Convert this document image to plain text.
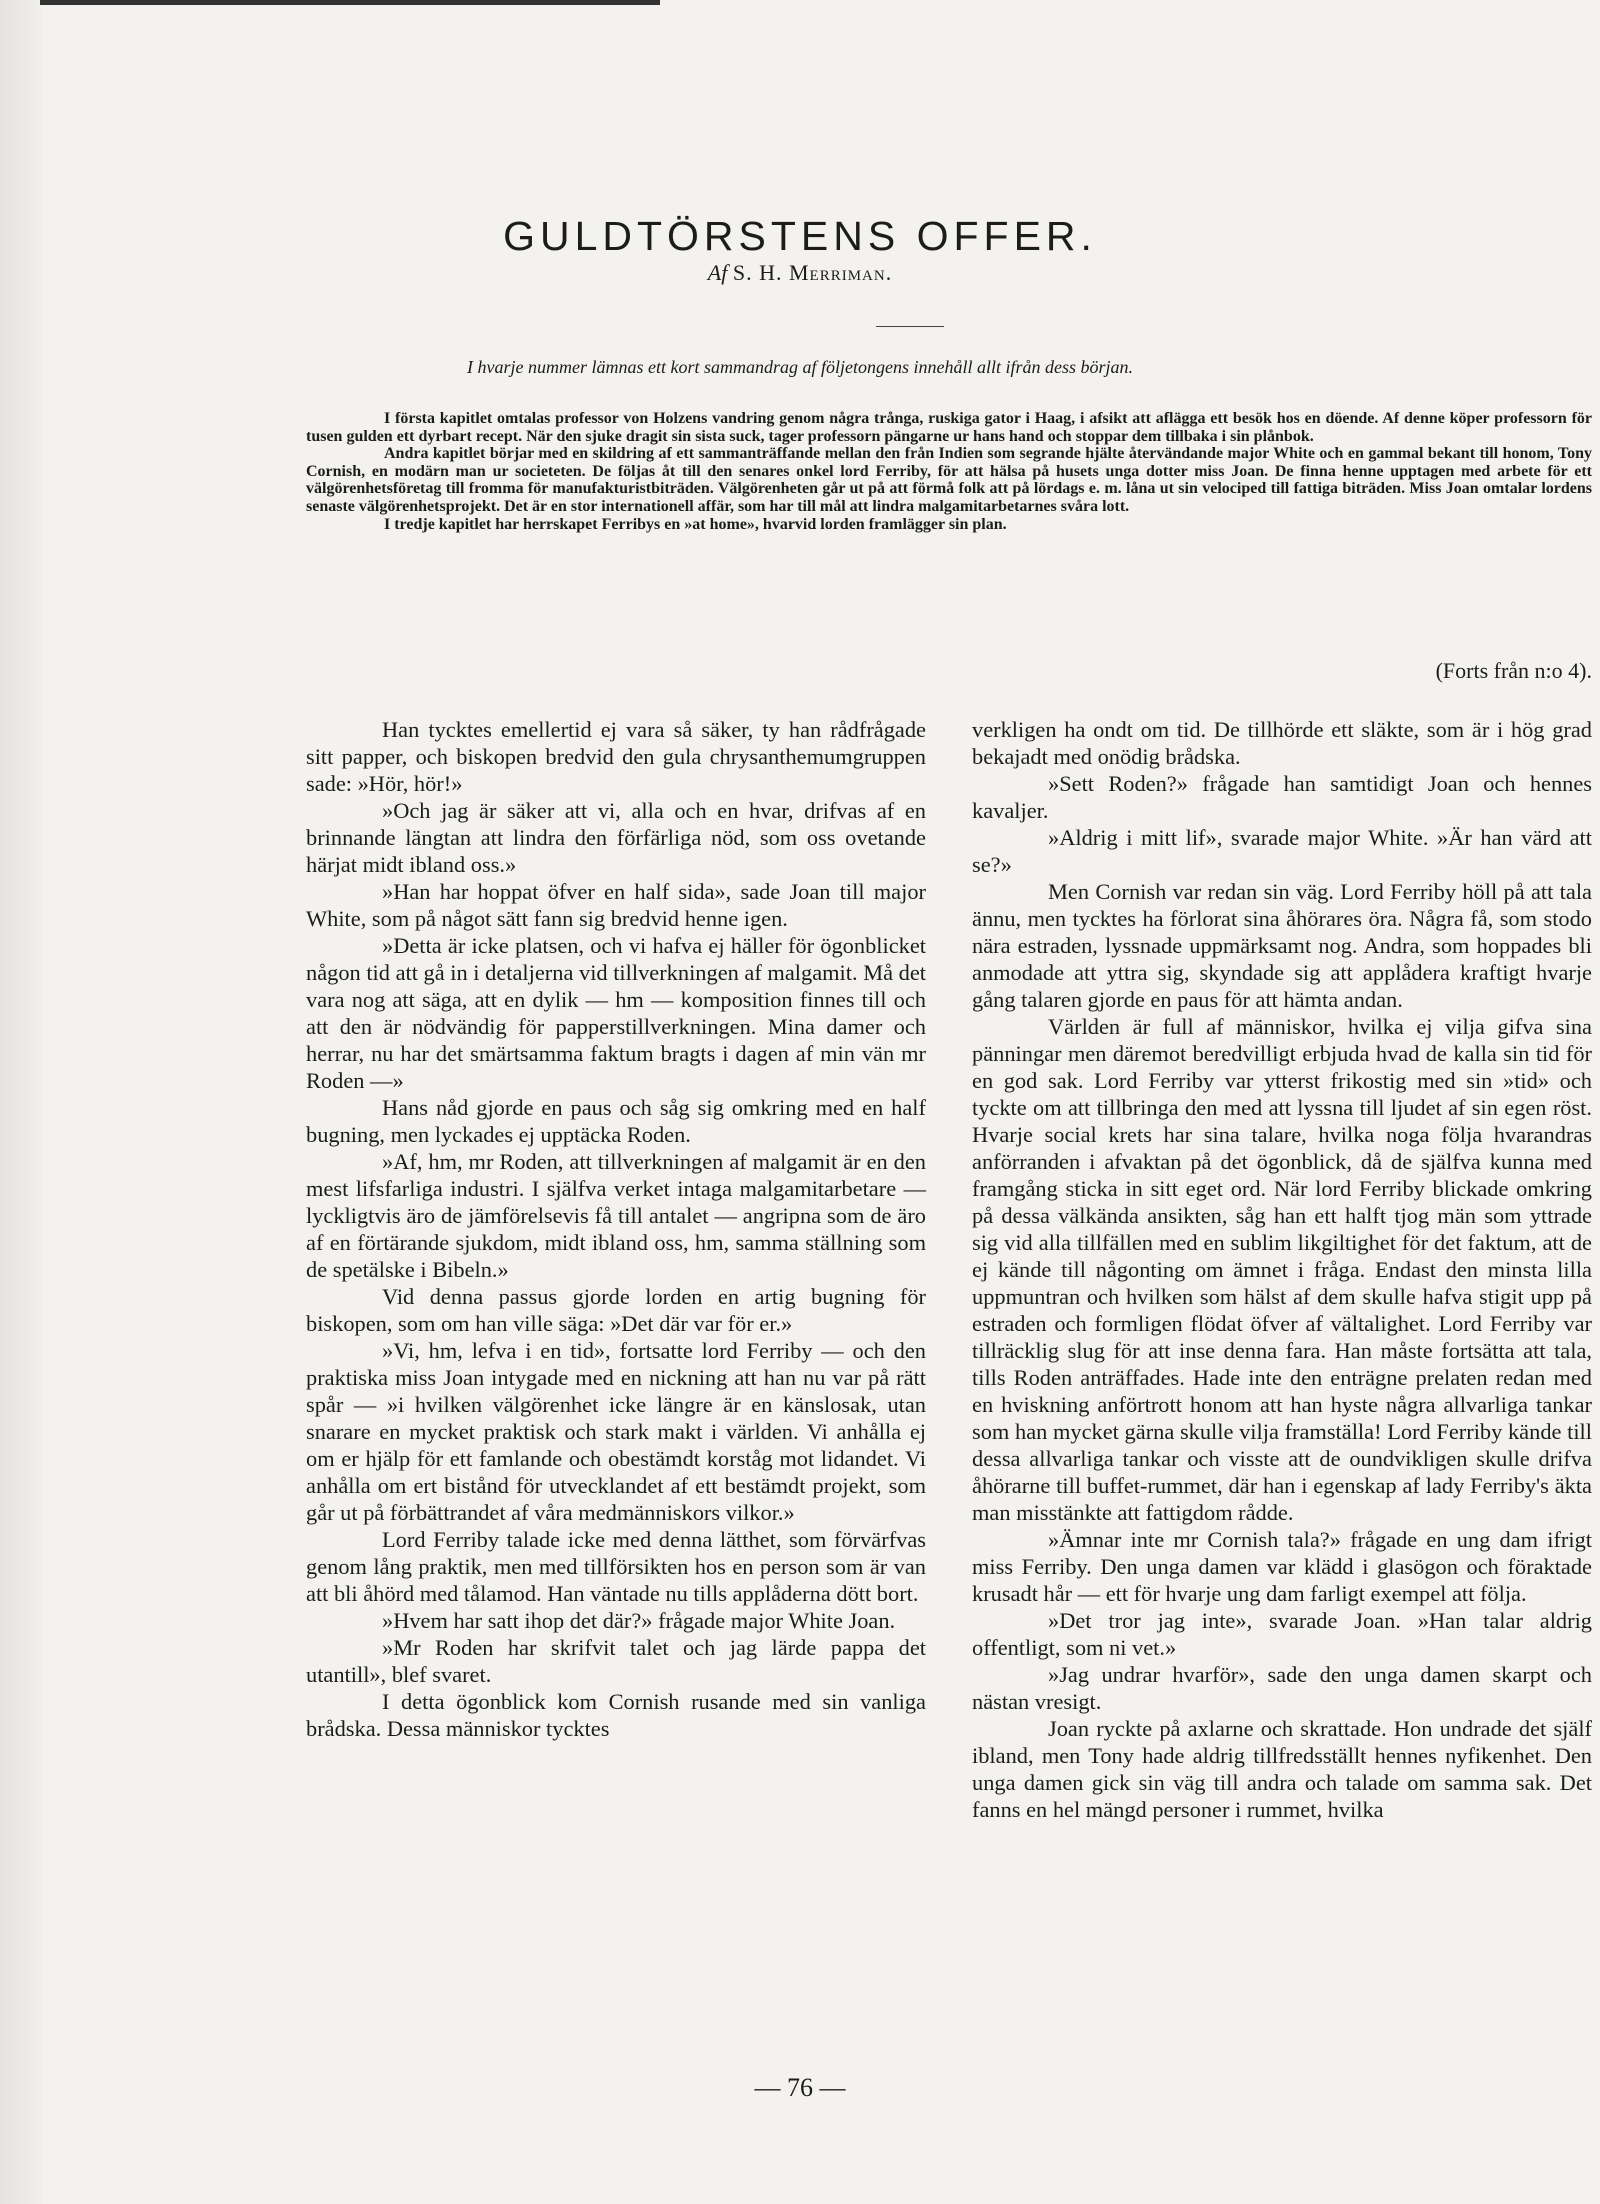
GULDTÖRSTENS OFFER.
Af S. H. Merriman.
I hvarje nummer lämnas ett kort sammandrag af följetongens innehåll allt ifrån dess början.

I första kapitlet omtalas professor von Holzens vandring genom några trånga, ruskiga gator i Haag, i afsikt att aflägga ett besök hos en döende. Af denne köper professorn för tusen gulden ett dyrbart recept. När den sjuke dragit sin sista suck, tager professorn pängarne ur hans hand och stoppar dem tillbaka i sin plånbok.

Andra kapitlet börjar med en skildring af ett sammanträffande mellan den från Indien som segrande hjälte återvändande major White och en gammal bekant till honom, Tony Cornish, en modärn man ur societeten. De följas åt till den senares onkel lord Ferriby, för att hälsa på husets unga dotter miss Joan. De finna henne upptagen med arbete för ett välgörenhetsföretag till fromma för manufakturistbiträden. Välgörenheten går ut på att förmå folk att på lördags e. m. låna ut sin velociped till fattiga biträden. Miss Joan omtalar lordens senaste välgörenhetsprojekt. Det är en stor internationell affär, som har till mål att lindra malgamitarbetarnes svåra lott.

I tredje kapitlet har herrskapet Ferribys en »at home», hvarvid lorden framlägger sin plan.

(Forts från n:o 4).

Han tycktes emellertid ej vara så säker, ty han rådfrågade sitt papper, och biskopen bredvid den gula chrysanthemumgruppen sade: »Hör, hör!»

»Och jag är säker att vi, alla och en hvar, drifvas af en brinnande längtan att lindra den förfärliga nöd, som oss ovetande härjat midt ibland oss.»

»Han har hoppat öfver en half sida», sade Joan till major White, som på något sätt fann sig bredvid henne igen.

»Detta är icke platsen, och vi hafva ej häller för ögonblicket någon tid att gå in i detaljerna vid tillverkningen af malgamit. Må det vara nog att säga, att en dylik — hm — komposition finnes till och att den är nödvändig för papperstillverkningen. Mina damer och herrar, nu har det smärtsamma faktum bragts i dagen af min vän mr Roden —»

Hans nåd gjorde en paus och såg sig omkring med en half bugning, men lyckades ej upptäcka Roden.

»Af, hm, mr Roden, att tillverkningen af malgamit är en den mest lifsfarliga industri. I själfva verket intaga malgamitarbetare — lyckligtvis äro de jämförelsevis få till antalet — angripna som de äro af en förtärande sjukdom, midt ibland oss, hm, samma ställning som de spetälske i Bibeln.»

Vid denna passus gjorde lorden en artig bugning för biskopen, som om han ville säga: »Det där var för er.»

»Vi, hm, lefva i en tid», fortsatte lord Ferriby — och den praktiska miss Joan intygade med en nickning att han nu var på rätt spår — »i hvilken välgörenhet icke längre är en känslosak, utan snarare en mycket praktisk och stark makt i världen. Vi anhålla ej om er hjälp för ett famlande och obestämdt korståg mot lidandet. Vi anhålla om ert bistånd för utvecklandet af ett bestämdt projekt, som går ut på förbättrandet af våra medmänniskors vilkor.»

Lord Ferriby talade icke med denna lätthet, som förvärfvas genom lång praktik, men med tillförsikten hos en person som är van att bli åhörd med tålamod. Han väntade nu tills applåderna dött bort.

»Hvem har satt ihop det där?» frågade major White Joan.

»Mr Roden har skrifvit talet och jag lärde pappa det utantill», blef svaret.

I detta ögonblick kom Cornish rusande med sin vanliga brådska. Dessa människor tycktes

verkligen ha ondt om tid. De tillhörde ett släkte, som är i hög grad bekajadt med onödig brådska.

»Sett Roden?» frågade han samtidigt Joan och hennes kavaljer.

»Aldrig i mitt lif», svarade major White. »Är han värd att se?»

Men Cornish var redan sin väg. Lord Ferriby höll på att tala ännu, men tycktes ha förlorat sina åhörares öra. Några få, som stodo nära estraden, lyssnade uppmärksamt nog. Andra, som hoppades bli anmodade att yttra sig, skyndade sig att applådera kraftigt hvarje gång talaren gjorde en paus för att hämta andan.

Världen är full af människor, hvilka ej vilja gifva sina pänningar men däremot beredvilligt erbjuda hvad de kalla sin tid för en god sak. Lord Ferriby var ytterst frikostig med sin »tid» och tyckte om att tillbringa den med att lyssna till ljudet af sin egen röst. Hvarje social krets har sina talare, hvilka noga följa hvarandras anförranden i afvaktan på det ögonblick, då de själfva kunna med framgång sticka in sitt eget ord. När lord Ferriby blickade omkring på dessa välkända ansikten, såg han ett halft tjog män som yttrade sig vid alla tillfällen med en sublim likgiltighet för det faktum, att de ej kände till någonting om ämnet i fråga. Endast den minsta lilla uppmuntran och hvilken som hälst af dem skulle hafva stigit upp på estraden och formligen flödat öfver af vältalighet. Lord Ferriby var tillräcklig slug för att inse denna fara. Han måste fortsätta att tala, tills Roden anträffades. Hade inte den enträgne prelaten redan med en hviskning anförtrott honom att han hyste några allvarliga tankar som han mycket gärna skulle vilja framställa! Lord Ferriby kände till dessa allvarliga tankar och visste att de oundvikligen skulle drifva åhörarne till buffet-rummet, där han i egenskap af lady Ferriby's äkta man misstänkte att fattigdom rådde.

»Ämnar inte mr Cornish tala?» frågade en ung dam ifrigt miss Ferriby. Den unga damen var klädd i glasögon och föraktade krusadt hår — ett för hvarje ung dam farligt exempel att följa.

»Det tror jag inte», svarade Joan. »Han talar aldrig offentligt, som ni vet.»

»Jag undrar hvarför», sade den unga damen skarpt och nästan vresigt.

Joan ryckte på axlarne och skrattade. Hon undrade det själf ibland, men Tony hade aldrig tillfredsställt hennes nyfikenhet. Den unga damen gick sin väg till andra och talade om samma sak. Det fanns en hel mängd personer i rummet, hvilka

— 76 —
